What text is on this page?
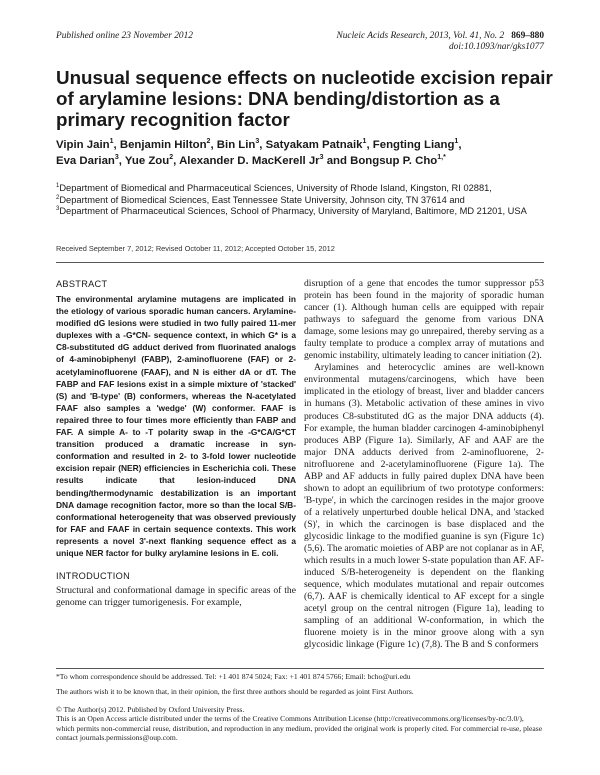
Published online 23 November 2012	Nucleic Acids Research, 2013, Vol. 41, No. 2 869–880
doi:10.1093/nar/gks1077
Unusual sequence effects on nucleotide excision repair of arylamine lesions: DNA bending/distortion as a primary recognition factor
Vipin Jain$^1$, Benjamin Hilton$^2$, Bin Lin$^3$, Satyakam Patnaik$^1$, Fengting Liang$^1$,
Eva Darian$^3$, Yue Zou$^2$, Alexander D. MacKerell Jr$^3$ and Bongsup P. Cho$^{1,*}$
$^1$Department of Biomedical and Pharmaceutical Sciences, University of Rhode Island, Kingston, RI 02881,
$^2$Department of Biomedical Sciences, East Tennessee State University, Johnson city, TN 37614 and
$^3$Department of Pharmaceutical Sciences, School of Pharmacy, University of Maryland, Baltimore, MD 21201, USA
Received September 7, 2012; Revised October 11, 2012; Accepted October 15, 2012
ABSTRACT

The environmental arylamine mutagens are implicated in the etiology of various sporadic human cancers. Arylamine-modified dG lesions were studied in two fully paired 11-mer duplexes with a -G*CN- sequence context, in which G* is a C8-substituted dG adduct derived from fluorinated analogs of 4-aminobiphenyl (FABP), 2-aminofluorene (FAF) or 2-acetylaminofluorene (FAAF), and N is either dA or dT. The FABP and FAF lesions exist in a simple mixture of 'stacked' (S) and 'B-type' (B) conformers, whereas the N-acetylated FAAF also samples a 'wedge' (W) conformer. FAAF is repaired three to four times more efficiently than FABP and FAF. A simple A- to -T polarity swap in the -G*CA/G*CT transition produced a dramatic increase in syn-conformation and resulted in 2- to 3-fold lower nucleotide excision repair (NER) efficiencies in Escherichia coli. These results indicate that lesion-induced DNA bending/thermodynamic destabilization is an important DNA damage recognition factor, more so than the local S/B-conformational heterogeneity that was observed previously for FAF and FAAF in certain sequence contexts. This work represents a novel 3'-next flanking sequence effect as a unique NER factor for bulky arylamine lesions in E. coli.

INTRODUCTION

Structural and conformational damage in specific areas of the genome can trigger tumorigenesis. For example,

disruption of a gene that encodes the tumor suppressor p53 protein has been found in the majority of sporadic human cancer (1). Although human cells are equipped with repair pathways to safeguard the genome from various DNA damage, some lesions may go unrepaired, thereby serving as a faulty template to produce a complex array of mutations and genomic instability, ultimately leading to cancer initiation (2).

Arylamines and heterocyclic amines are well-known environmental mutagens/carcinogens, which have been implicated in the etiology of breast, liver and bladder cancers in humans (3). Metabolic activation of these amines in vivo produces C8-substituted dG as the major DNA adducts (4). For example, the human bladder carcinogen 4-aminobiphenyl produces ABP (Figure 1a). Similarly, AF and AAF are the major DNA adducts derived from 2-aminofluorene, 2-nitrofluorene and 2-acetylaminofluorene (Figure 1a). The ABP and AF adducts in fully paired duplex DNA have been shown to adopt an equilibrium of two prototype conformers: 'B-type', in which the carcinogen resides in the major groove of a relatively unperturbed double helical DNA, and 'stacked (S)', in which the carcinogen is base displaced and the glycosidic linkage to the modified guanine is syn (Figure 1c) (5,6). The aromatic moieties of ABP are not coplanar as in AF, which results in a much lower S-state population than AF. AF-induced S/B-heterogeneity is dependent on the flanking sequence, which modulates mutational and repair outcomes (6,7). AAF is chemically identical to AF except for a single acetyl group on the central nitrogen (Figure 1a), leading to sampling of an additional W-conformation, in which the fluorene moiety is in the minor groove along with a syn glycosidic linkage (Figure 1c) (7,8). The B and S conformers

*To whom correspondence should be addressed. Tel: +1 401 874 5024; Fax: +1 401 874 5766; Email: bcho@uri.edu
The authors wish it to be known that, in their opinion, the first three authors should be regarded as joint First Authors.
© The Author(s) 2012. Published by Oxford University Press.
This is an Open Access article distributed under the terms of the Creative Commons Attribution License (http://creativecommons.org/licenses/by-nc/3.0/), which permits non-commercial reuse, distribution, and reproduction in any medium, provided the original work is properly cited. For commercial re-use, please contact journals.permissions@oup.com.
